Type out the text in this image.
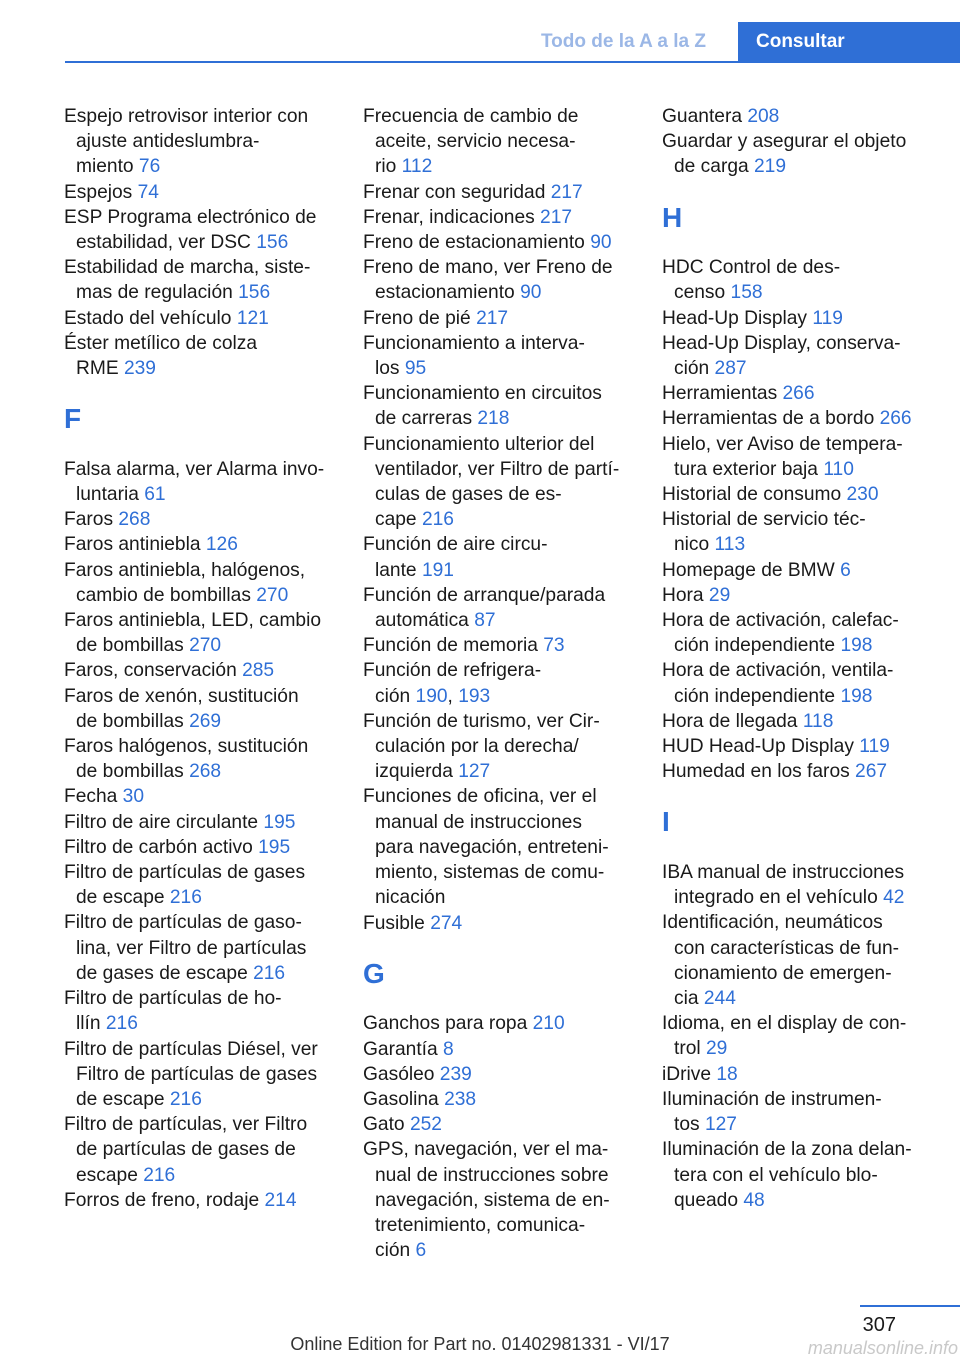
Todo de la A a la Z	Consultar
Espejo retrovisor interior con
ajuste antideslumbra-
miento 76
Espejos 74
ESP Programa electrónico de
estabilidad, ver DSC 156
Estabilidad de marcha, siste-
mas de regulación 156
Estado del vehículo 121
Éster metílico de colza
RME 239
F
Falsa alarma, ver Alarma invo-
luntaria 61
Faros 268
Faros antiniebla 126
Faros antiniebla, halógenos,
cambio de bombillas 270
Faros antiniebla, LED, cambio
de bombillas 270
Faros, conservación 285
Faros de xenón, sustitución
de bombillas 269
Faros halógenos, sustitución
de bombillas 268
Fecha 30
Filtro de aire circulante 195
Filtro de carbón activo 195
Filtro de partículas de gases
de escape 216
Filtro de partículas de gaso-
lina, ver Filtro de partículas
de gases de escape 216
Filtro de partículas de ho-
llín 216
Filtro de partículas Diésel, ver
Filtro de partículas de gases
de escape 216
Filtro de partículas, ver Filtro
de partículas de gases de
escape 216
Forros de freno, rodaje 214
Frecuencia de cambio de
aceite, servicio necesa-
rio 112
Frenar con seguridad 217
Frenar, indicaciones 217
Freno de estacionamiento 90
Freno de mano, ver Freno de
estacionamiento 90
Freno de pié 217
Funcionamiento a interva-
los 95
Funcionamiento en circuitos
de carreras 218
Funcionamiento ulterior del
ventilador, ver Filtro de partí-
culas de gases de es-
cape 216
Función de aire circu-
lante 191
Función de arranque/parada
automática 87
Función de memoria 73
Función de refrigera-
ción 190, 193
Función de turismo, ver Cir-
culación por la derecha/
izquierda 127
Funciones de oficina, ver el
manual de instrucciones
para navegación, entreteni-
miento, sistemas de comu-
nicación
Fusible 274
G
Ganchos para ropa 210
Garantía 8
Gasóleo 239
Gasolina 238
Gato 252
GPS, navegación, ver el ma-
nual de instrucciones sobre
navegación, sistema de en-
tretenimiento, comunica-
ción 6
Guantera 208
Guardar y asegurar el objeto
de carga 219
H
HDC Control de des-
censo 158
Head-Up Display 119
Head-Up Display, conserva-
ción 287
Herramientas 266
Herramientas de a bordo 266
Hielo, ver Aviso de tempera-
tura exterior baja 110
Historial de consumo 230
Historial de servicio téc-
nico 113
Homepage de BMW 6
Hora 29
Hora de activación, calefac-
ción independiente 198
Hora de activación, ventila-
ción independiente 198
Hora de llegada 118
HUD Head-Up Display 119
Humedad en los faros 267
I
IBA manual de instrucciones
integrado en el vehículo 42
Identificación, neumáticos
con características de fun-
cionamiento de emergen-
cia 244
Idioma, en el display de con-
trol 29
iDrive 18
Iluminación de instrumen-
tos 127
Iluminación de la zona delan-
tera con el vehículo blo-
queado 48
307
Online Edition for Part no. 01402981331 - VI/17	manualsonline.info
